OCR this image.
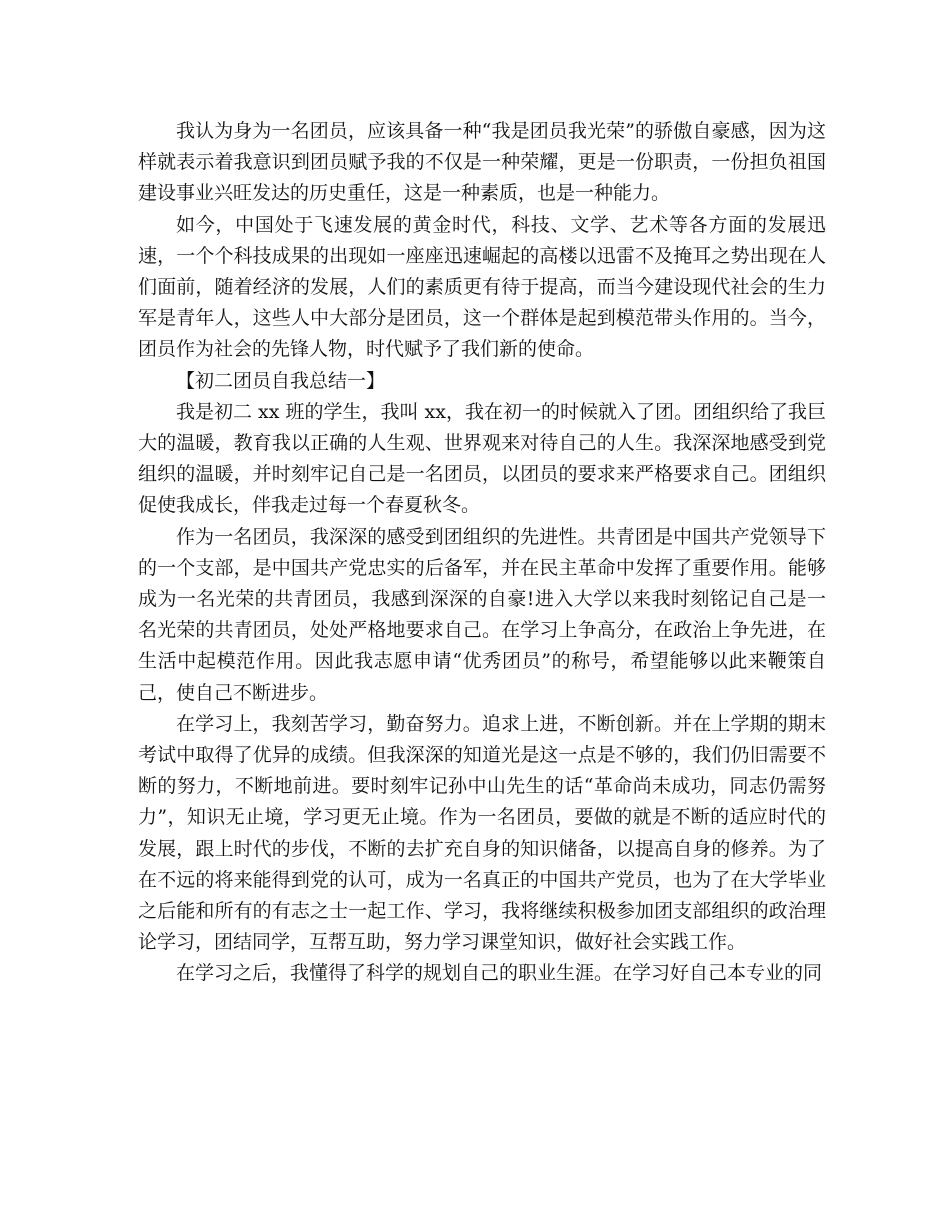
我认为身为一名团员，应该具备一种“我是团员我光荣”的骄傲自豪感，因为这样就表示着我意识到团员赋予我的不仅是一种荣耀，更是一份职责，一份担负祖国建设事业兴旺发达的历史重任，这是一种素质，也是一种能力。

如今，中国处于飞速发展的黄金时代，科技、文学、艺术等各方面的发展迅速，一个个科技成果的出现如一座座迅速崛起的高楼以迅雷不及掩耳之势出现在人们面前，随着经济的发展，人们的素质更有待于提高，而当今建设现代社会的生力军是青年人，这些人中大部分是团员，这一个群体是起到模范带头作用的。当今，团员作为社会的先锋人物，时代赋予了我们新的使命。

【初二团员自我总结一】

我是初二 xx 班的学生，我叫 xx，我在初一的时候就入了团。团组织给了我巨大的温暖，教育我以正确的人生观、世界观来对待自己的人生。我深深地感受到党组织的温暖，并时刻牢记自己是一名团员，以团员的要求来严格要求自己。团组织促使我成长，伴我走过每一个春夏秋冬。

作为一名团员，我深深的感受到团组织的先进性。共青团是中国共产党领导下的一个支部，是中国共产党忠实的后备军，并在民主革命中发挥了重要作用。能够成为一名光荣的共青团员，我感到深深的自豪!进入大学以来我时刻铭记自己是一名光荣的共青团员，处处严格地要求自己。在学习上争高分，在政治上争先进，在生活中起模范作用。因此我志愿申请“优秀团员”的称号，希望能够以此来鞭策自己，使自己不断进步。

在学习上，我刻苦学习，勤奋努力。追求上进，不断创新。并在上学期的期末考试中取得了优异的成绩。但我深深的知道光是这一点是不够的，我们仍旧需要不断的努力，不断地前进。要时刻牢记孙中山先生的话“革命尚未成功，同志仍需努力”，知识无止境，学习更无止境。作为一名团员，要做的就是不断的适应时代的发展，跟上时代的步伐，不断的去扩充自身的知识储备，以提高自身的修养。为了在不远的将来能得到党的认可，成为一名真正的中国共产党员，也为了在大学毕业之后能和所有的有志之士一起工作、学习，我将继续积极参加团支部组织的政治理论学习，团结同学，互帮互助，努力学习课堂知识，做好社会实践工作。

在学习之后，我懂得了科学的规划自己的职业生涯。在学习好自己本专业的同
